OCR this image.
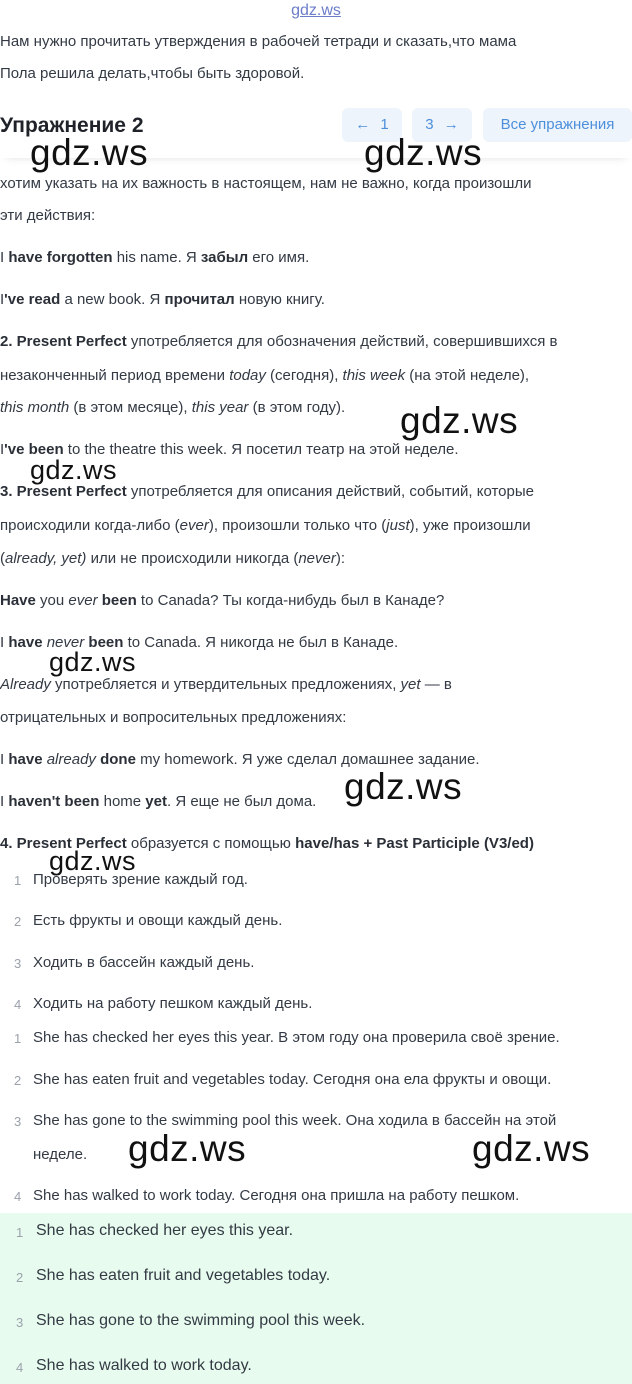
gdz.ws
Нам нужно прочитать утверждения в рабочей тетради и сказать,что мама
Пола решила делать,чтобы быть здоровой.
Упражнение 2	← 1	3 →	Все упражнения
хотим указать на их важность в настоящем, нам не важно, когда произошли
эти действия:
I have forgotten his name. Я забыл его имя.
I've read a new book. Я прочитал новую книгу.
2. Present Perfect употребляется для обозначения действий, совершившихся в
незаконченный период времени today (сегодня), this week (на этой неделе),
this month (в этом месяце), this year (в этом году).
I've been to the theatre this week. Я посетил театр на этой неделе.
3. Present Perfect употребляется для описания действий, событий, которые
происходили когда-либо (ever), произошли только что (just), уже произошли
(already, yet) или не происходили никогда (never):
Have you ever been to Canada? Ты когда-нибудь был в Канаде?
I have never been to Canada. Я никогда не был в Канаде.
Already употребляется и утвердительных предложениях, yet — в
отрицательных и вопросительных предложениях:
I have already done my homework. Я уже сделал домашнее задание.
I haven't been home yet. Я еще не был дома.
4. Present Perfect образуется с помощью have/has + Past Participle (V3/ed)
1 Проверять зрение каждый год.
2 Есть фрукты и овощи каждый день.
3 Ходить в бассейн каждый день.
4 Ходить на работу пешком каждый день.
1 She has checked her eyes this year. В этом году она проверила своё зрение.
2 She has eaten fruit and vegetables today. Сегодня она ела фрукты и овощи.
3 She has gone to the swimming pool this week. Она ходила в бассейн на этой
неделе.
4 She has walked to work today. Сегодня она пришла на работу пешком.
1 She has checked her eyes this year.
2 She has eaten fruit and vegetables today.
3 She has gone to the swimming pool this week.
4 She has walked to work today.
gdz.ws	gdz.ws
gdz.ws
gdz.ws
gdz.ws
gdz.ws
gdz.ws
gdz.ws	gdz.ws
